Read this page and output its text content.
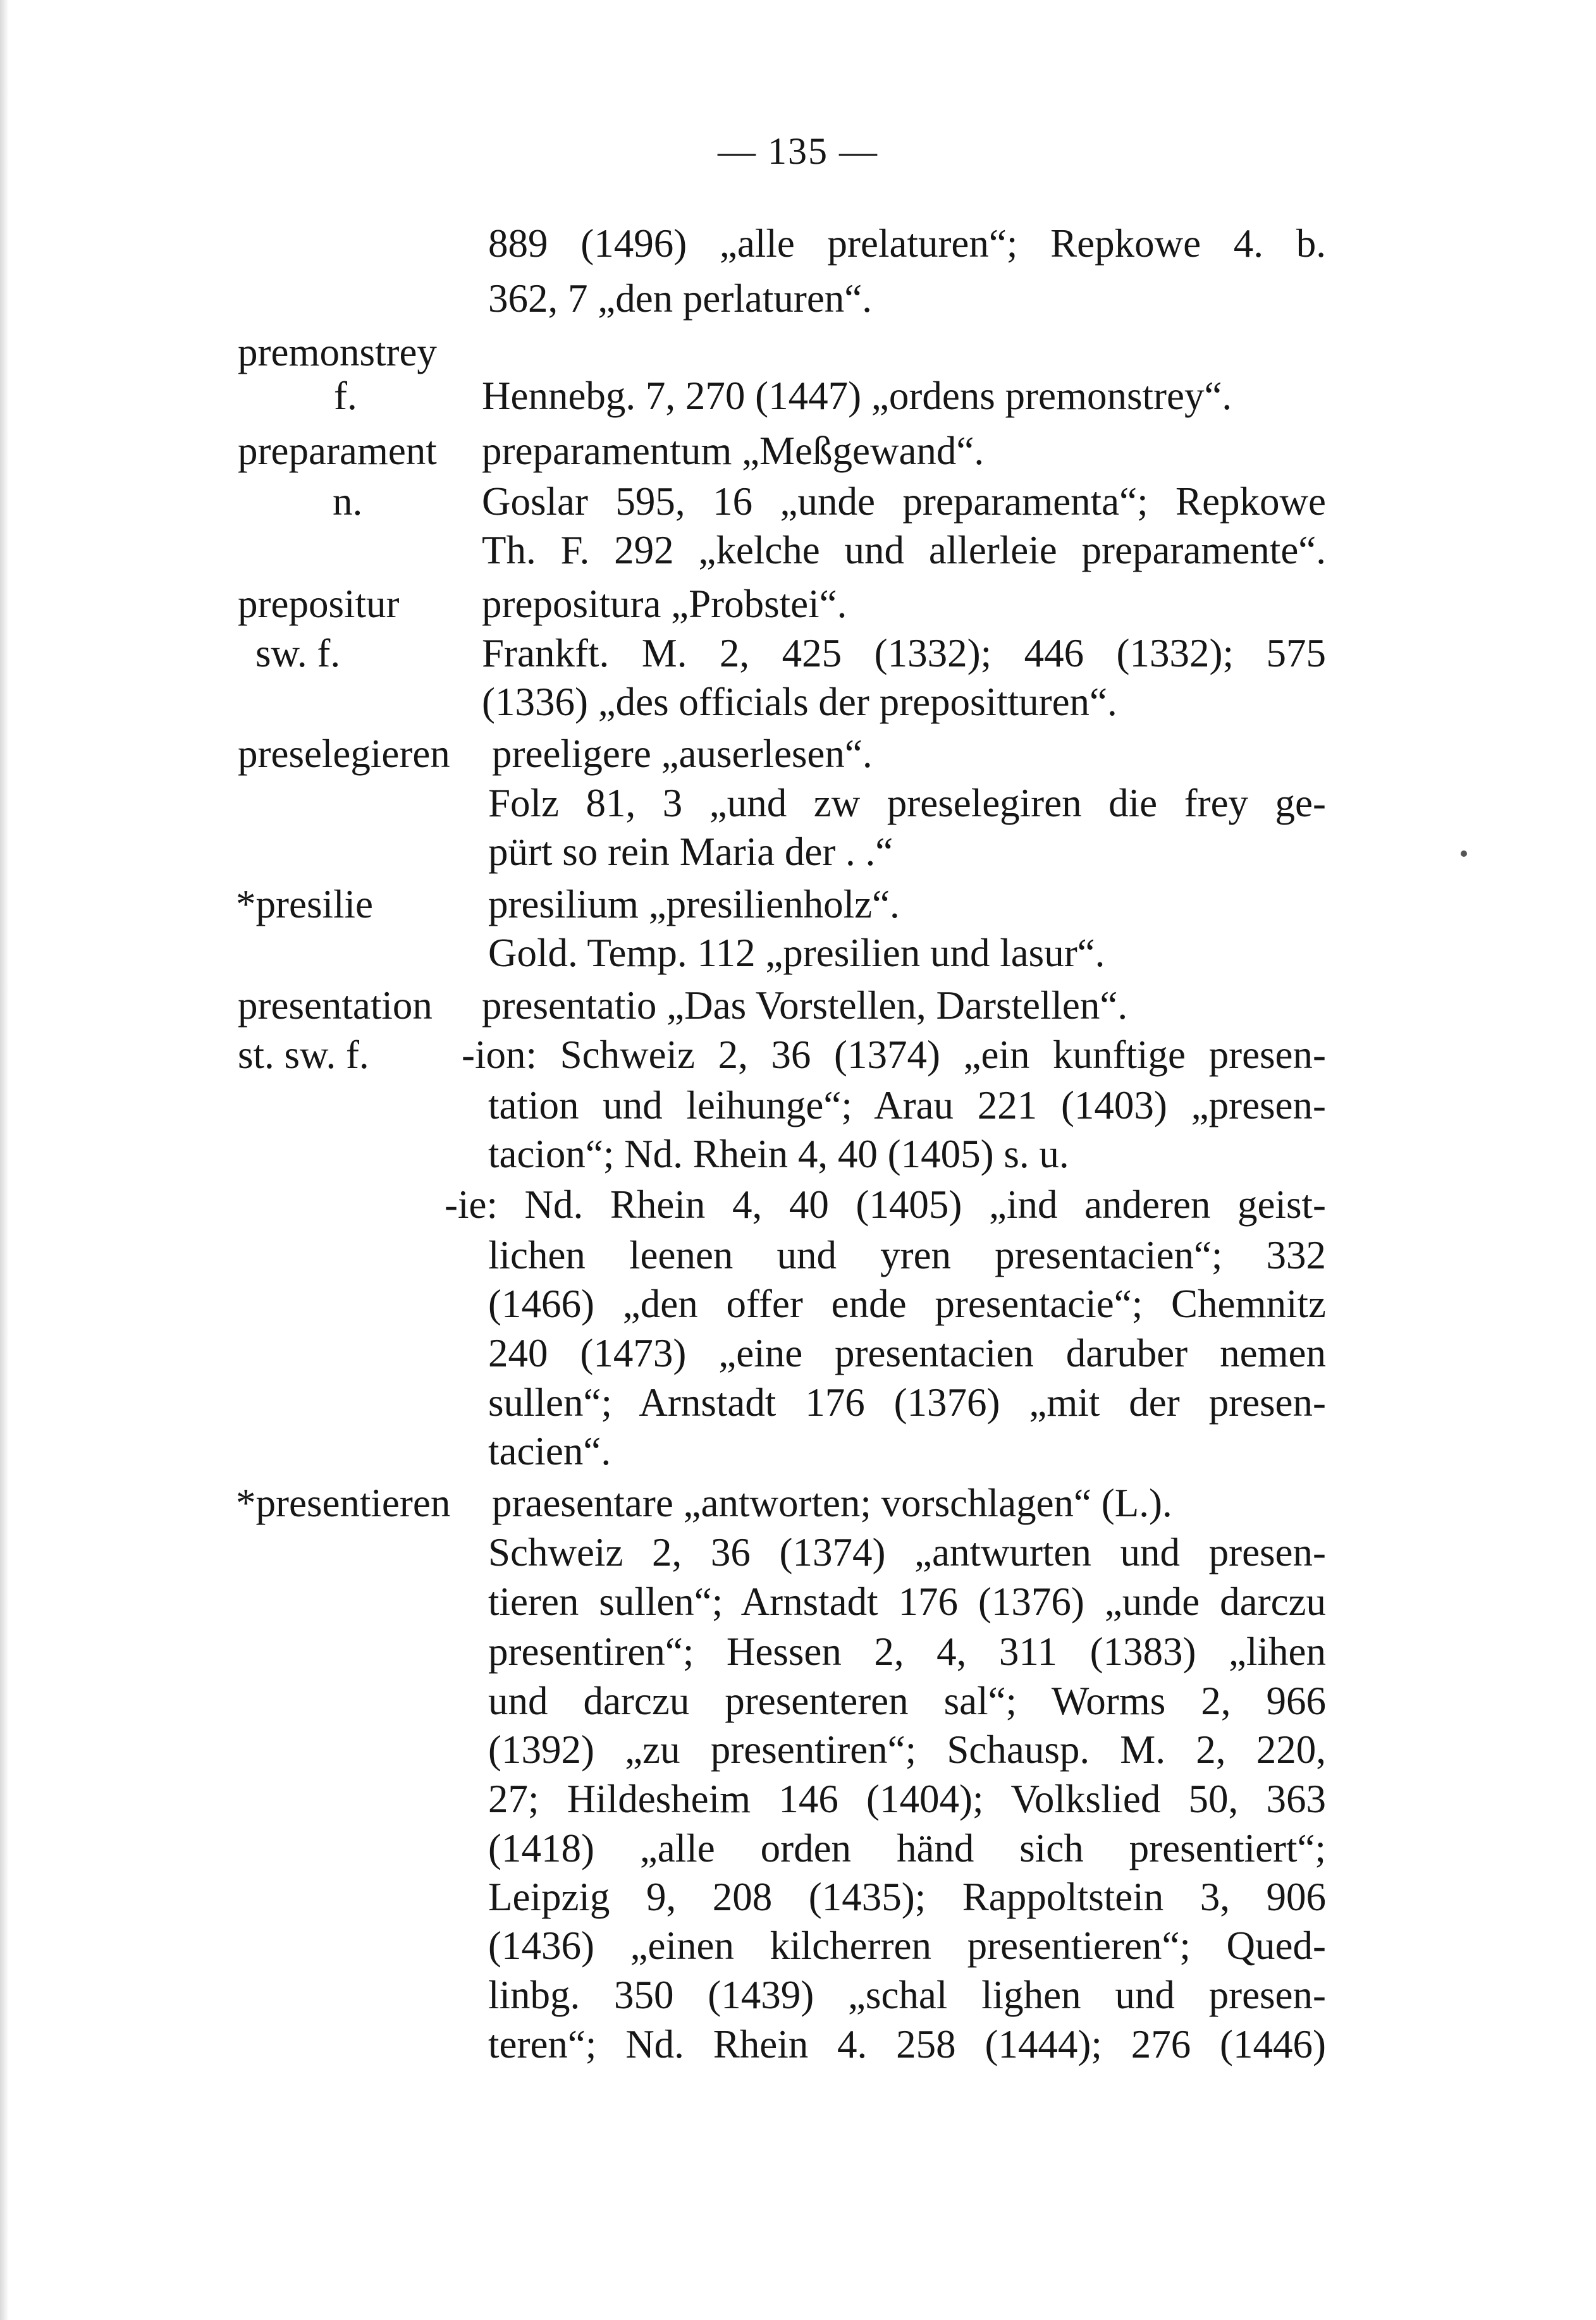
— 135 —
889 (1496) „alle prelaturen“; Repkowe 4. b.
362, 7 „den perlaturen“.
premonstrey
f.	Hennebg. 7, 270 (1447) „ordens premonstrey“.
preparament preparamentum „Meßgewand“.
n.	Goslar 595, 16 „unde preparamenta“; Repkowe
Th. F. 292 „kelche und allerleie preparamente“.
prepositur prepositura „Probstei“.
sw. f.	Frankft. M. 2, 425 (1332); 446 (1332); 575
(1336) „des officials der prepositturen“.
preselegieren preeligere „auserlesen“.
Folz 81, 3 „und zw preselegiren die frey ge-
pürt so rein Maria der . .“
*presilie	presilium „presilienholz“.
Gold. Temp. 112 „presilien und lasur“.
presentation presentatio „Das Vorstellen, Darstellen“.
st. sw. f. -ion: Schweiz 2, 36 (1374) „ein kunftige presen-
tation und leihunge“; Arau 221 (1403) „presen-
tacion“; Nd. Rhein 4, 40 (1405) s. u.
-ie: Nd. Rhein 4, 40 (1405) „ind anderen geist-
lichen leenen und yren presentacien“; 332
(1466) „den offer ende presentacie“; Chemnitz
240 (1473) „eine presentacien daruber nemen
sullen“; Arnstadt 176 (1376) „mit der presen-
tacien“.
*presentieren praesentare „antworten; vorschlagen“ (L.).
Schweiz 2, 36 (1374) „antwurten und presen-
tieren sullen“; Arnstadt 176 (1376) „unde darczu
presentiren“; Hessen 2, 4, 311 (1383) „lihen
und darczu presenteren sal“; Worms 2, 966
(1392) „zu presentiren“; Schausp. M. 2, 220,
27; Hildesheim 146 (1404); Volkslied 50, 363
(1418) „alle orden händ sich presentiert“;
Leipzig 9, 208 (1435); Rappoltstein 3, 906
(1436) „einen kilcherren presentieren“; Qued-
linbg. 350 (1439) „schal lighen und presen-
teren“; Nd. Rhein 4. 258 (1444); 276 (1446)
